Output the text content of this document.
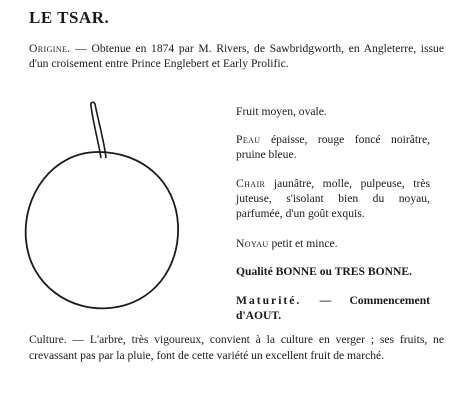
LE TSAR.
Origine. — Obtenue en 1874 par M. Rivers, de Sawbridgworth, en Angleterre, issue d'un croisement entre Prince Englebert et Early Prolific.
Fruit moyen, ovale.
Peau épaisse, rouge foncé noirâtre, pruine bleue.
Chair jaunâtre, molle, pulpeuse, très juteuse, s'isolant bien du noyau, parfumée, d'un goût exquis.
Noyau petit et mince.
Qualité BONNE ou TRES BONNE.
Maturité. — Commencement d'AOUT.
Culture. — L'arbre, très vigoureux, convient à la culture en verger ; ses fruits, ne crevassant pas par la pluie, font de cette variété un excellent fruit de marché.
